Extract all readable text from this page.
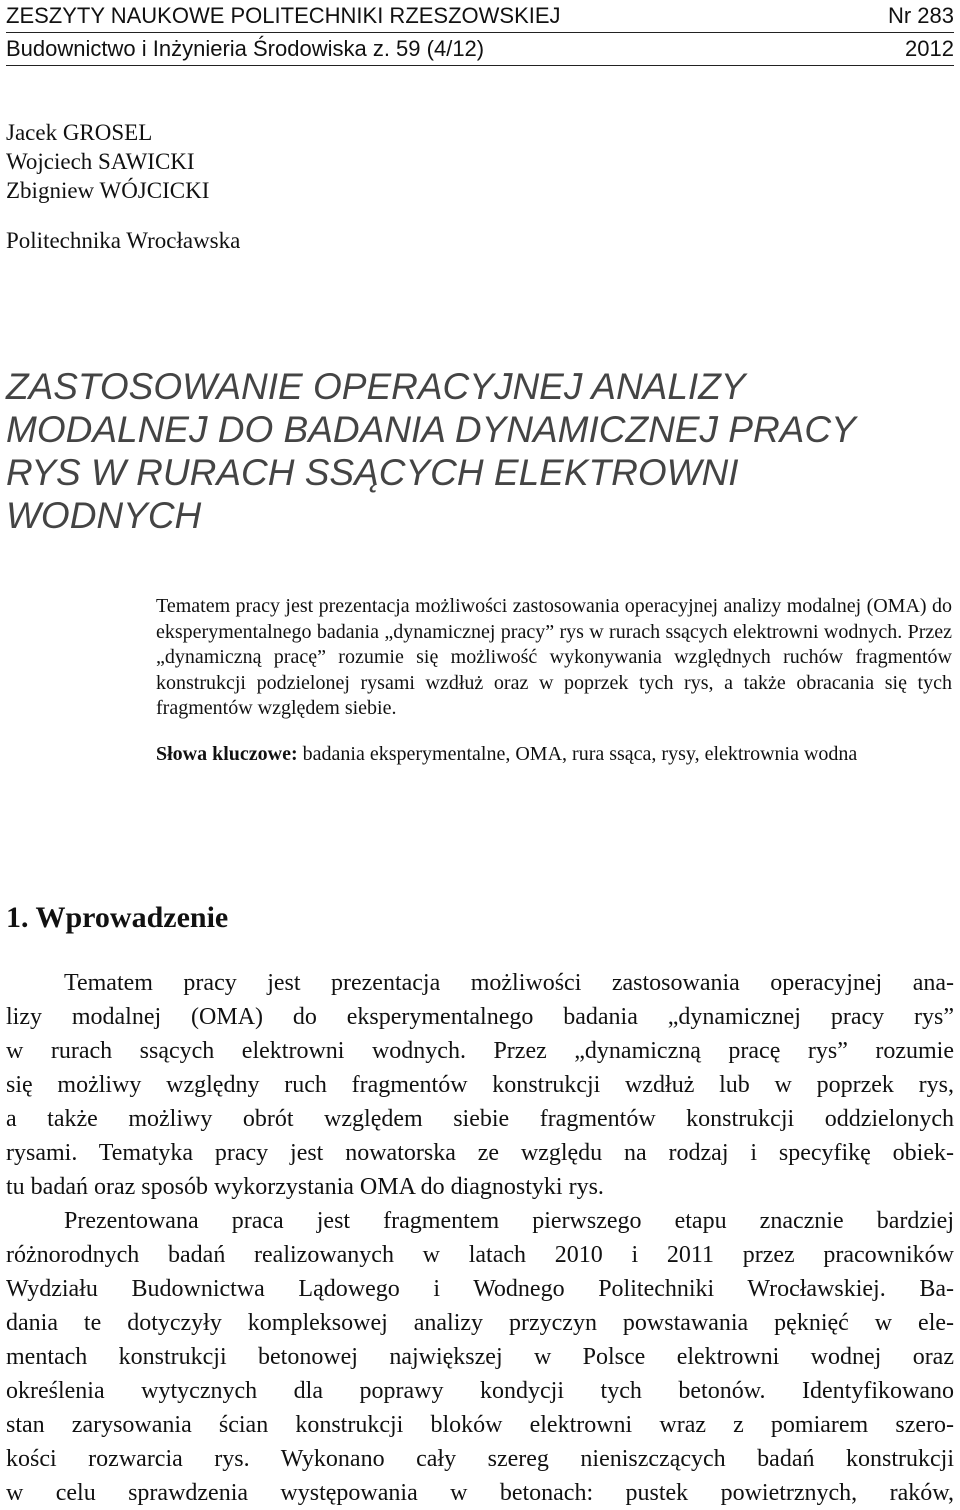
ZESZYTY NAUKOWE POLITECHNIKI RZESZOWSKIEJ	Nr 283
Budownictwo i Inżynieria Środowiska z. 59 (4/12)	2012
Jacek GROSEL
Wojciech SAWICKI
Zbigniew WÓJCICKI
Politechnika Wrocławska
ZASTOSOWANIE OPERACYJNEJ ANALIZY
MODALNEJ DO BADANIA DYNAMICZNEJ PRACY
RYS W RURACH SSĄCYCH ELEKTROWNI
WODNYCH

Tematem pracy jest prezentacja możliwości zastosowania operacyjnej analizy modalnej (OMA) do eksperymentalnego badania „dynamicznej pracy” rys w rurach ssących elektrowni wodnych. Przez „dynamiczną pracę” rozumie się możliwość wykonywania względnych ruchów fragmentów konstrukcji podzielonej rysami wzdłuż oraz w poprzek tych rys, a także obracania się tych fragmentów względem siebie.

Słowa kluczowe: badania eksperymentalne, OMA, rura ssąca, rysy, elektrownia wodna

1. Wprowadzenie
Tematem pracy jest prezentacja możliwości zastosowania operacyjnej ana-
lizy modalnej (OMA) do eksperymentalnego badania „dynamicznej pracy rys”
w rurach ssących elektrowni wodnych. Przez „dynamiczną pracę rys” rozumie
się możliwy względny ruch fragmentów konstrukcji wzdłuż lub w poprzek rys,
a także możliwy obrót względem siebie fragmentów konstrukcji oddzielonych
rysami. Tematyka pracy jest nowatorska ze względu na rodzaj i specyfikę obiek-
tu badań oraz sposób wykorzystania OMA do diagnostyki rys.
Prezentowana praca jest fragmentem pierwszego etapu znacznie bardziej
różnorodnych badań realizowanych w latach 2010 i 2011 przez pracowników
Wydziału Budownictwa Lądowego i Wodnego Politechniki Wrocławskiej. Ba-
dania te dotyczyły kompleksowej analizy przyczyn powstawania pęknięć w ele-
mentach konstrukcji betonowej największej w Polsce elektrowni wodnej oraz
określenia wytycznych dla poprawy kondycji tych betonów. Identyfikowano
stan zarysowania ścian konstrukcji bloków elektrowni wraz z pomiarem szero-
kości rozwarcia rys. Wykonano cały szereg nieniszczących badań konstrukcji
w celu sprawdzenia występowania w betonach: pustek powietrznych, raków,
